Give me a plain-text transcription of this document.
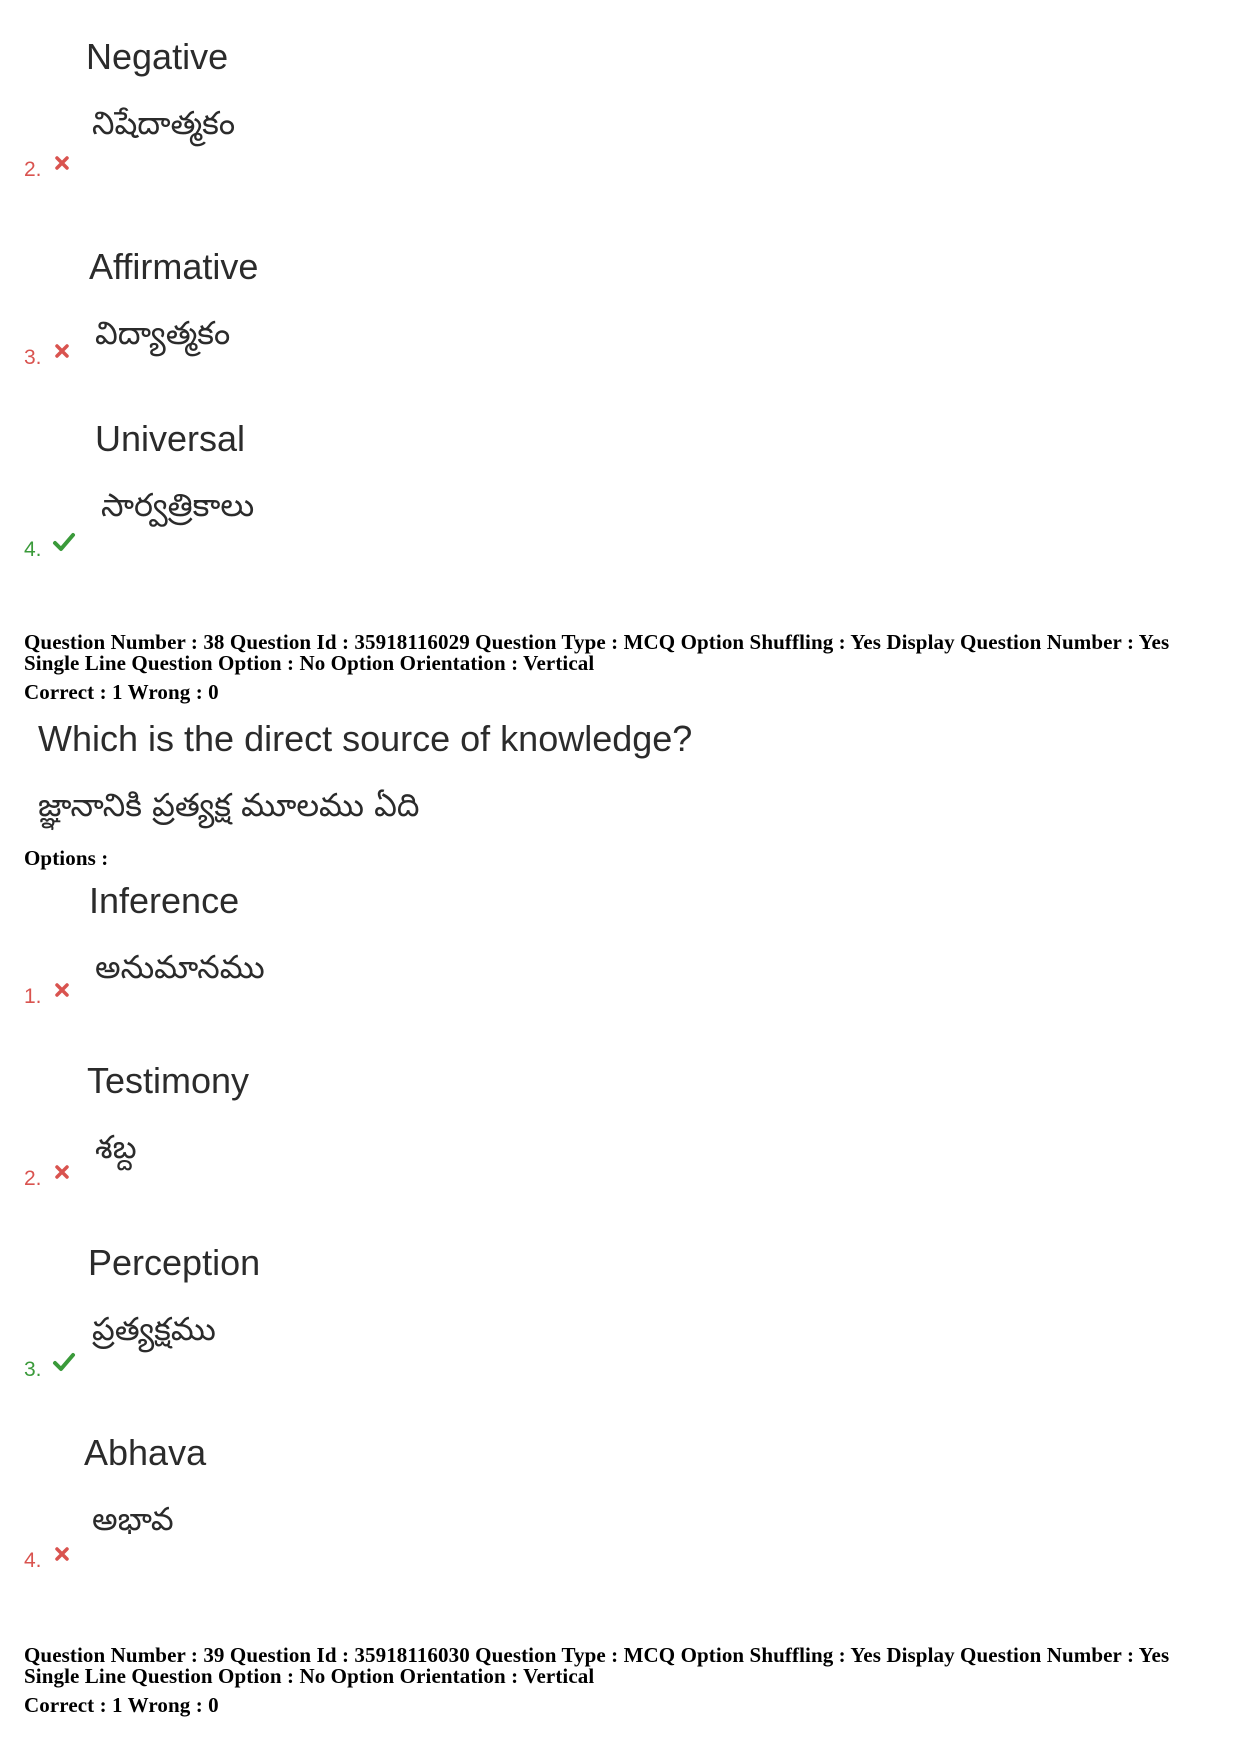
Negative
నిషేదాత్మకం
2.
Affirmative
విద్యాత్మకం
3.
Universal
సార్వత్రికాలు
4.
Question Number : 38 Question Id : 35918116029 Question Type : MCQ Option Shuffling : Yes Display Question Number : Yes
Single Line Question Option : No Option Orientation : Vertical
Correct : 1 Wrong : 0
Which is the direct source of knowledge?
జ్ఞానానికి ప్రత్యక్ష మూలము ఏది
Options :
Inference
అనుమానము
1.
Testimony
శబ్ద
2.
Perception
ప్రత్యక్షము
3.
Abhava
అభావ
4.
Question Number : 39 Question Id : 35918116030 Question Type : MCQ Option Shuffling : Yes Display Question Number : Yes
Single Line Question Option : No Option Orientation : Vertical
Correct : 1 Wrong : 0
